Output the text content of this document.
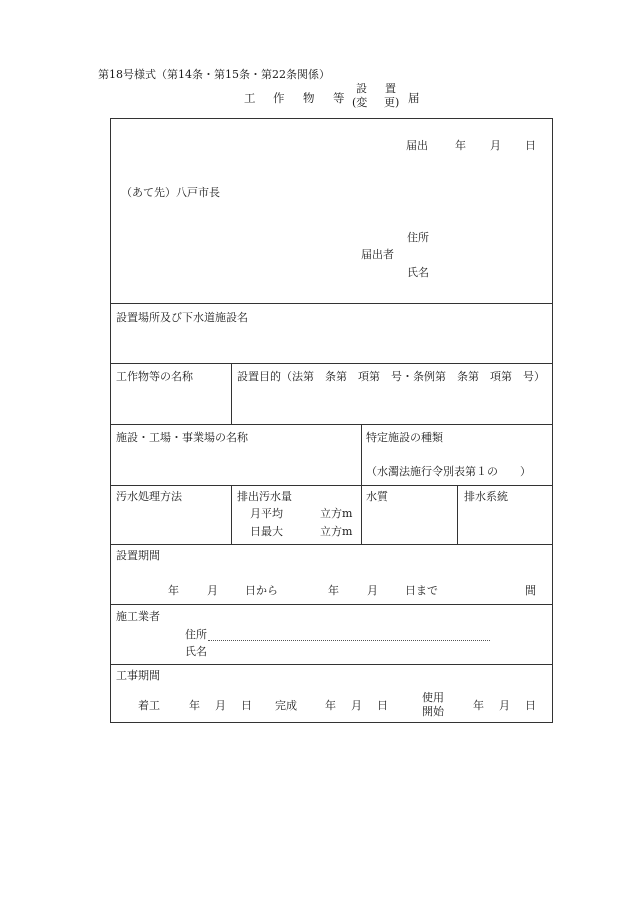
第18号様式（第14条・第15条・第22条関係）
工 作 物 等
設 置
(変 更) 届
届出 年 月 日
（あて先）八戸市長
住所
届出者
氏名
設置場所及び下水道施設名
工作物等の名称	設置目的（法第　条第　項第　号・条例第　条第　項第　号）
施設・工場・事業場の名称	特定施設の種類
（水濁法施行令別表第１の　　）
汚水処理方法	排出汚水量
月平均	立方m
日最大	立方m
水質	排水系統
設置期間
年	月 日から	年	月 日まで	間
施工業者
住所
氏名
工事期間
着工	年 月 日 完成	年 月 日
使用
開始	年 月 日
